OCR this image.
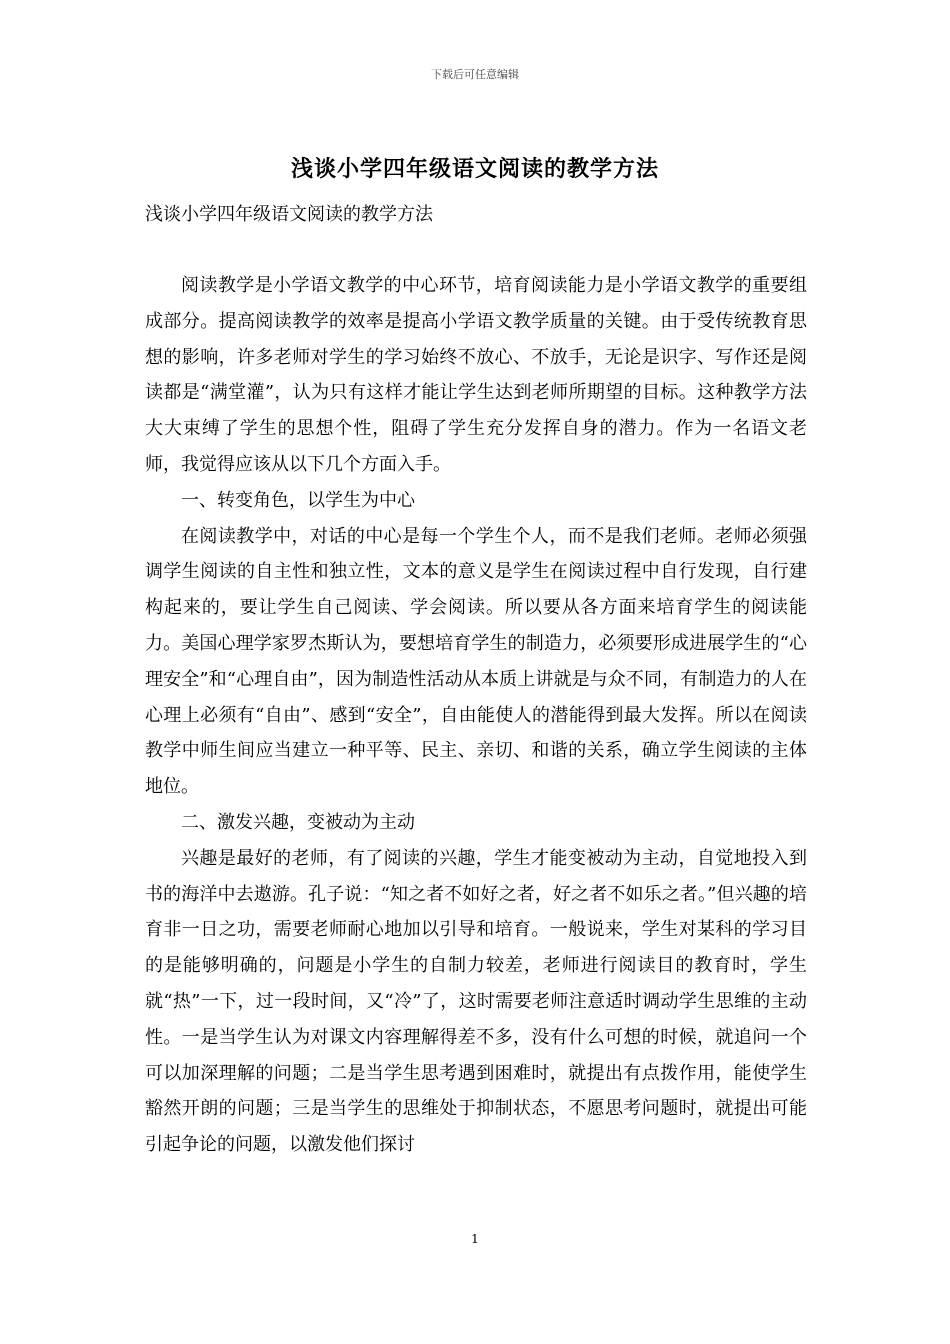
下载后可任意编辑
浅谈小学四年级语文阅读的教学方法
浅谈小学四年级语文阅读的教学方法

阅读教学是小学语文教学的中心环节，培育阅读能力是小学语文教学的重要组成部分。提高阅读教学的效率是提高小学语文教学质量的关键。由于受传统教育思想的影响，许多老师对学生的学习始终不放心、不放手，无论是识字、写作还是阅读都是“满堂灌”，认为只有这样才能让学生达到老师所期望的目标。这种教学方法大大束缚了学生的思想个性，阻碍了学生充分发挥自身的潜力。作为一名语文老师，我觉得应该从以下几个方面入手。

一、转变角色，以学生为中心

在阅读教学中，对话的中心是每一个学生个人，而不是我们老师。老师必须强调学生阅读的自主性和独立性，文本的意义是学生在阅读过程中自行发现，自行建构起来的，要让学生自己阅读、学会阅读。所以要从各方面来培育学生的阅读能力。美国心理学家罗杰斯认为，要想培育学生的制造力，必须要形成进展学生的“心理安全”和“心理自由”，因为制造性活动从本质上讲就是与众不同，有制造力的人在心理上必须有“自由”、感到“安全”，自由能使人的潜能得到最大发挥。所以在阅读教学中师生间应当建立一种平等、民主、亲切、和谐的关系，确立学生阅读的主体地位。

二、激发兴趣，变被动为主动

兴趣是最好的老师，有了阅读的兴趣，学生才能变被动为主动，自觉地投入到书的海洋中去遨游。孔子说：“知之者不如好之者，好之者不如乐之者。”但兴趣的培育非一日之功，需要老师耐心地加以引导和培育。一般说来，学生对某科的学习目的是能够明确的，问题是小学生的自制力较差，老师进行阅读目的教育时，学生就“热”一下，过一段时间，又“冷”了，这时需要老师注意适时调动学生思维的主动性。一是当学生认为对课文内容理解得差不多，没有什么可想的时候，就追问一个可以加深理解的问题；二是当学生思考遇到困难时，就提出有点拨作用，能使学生豁然开朗的问题；三是当学生的思维处于抑制状态，不愿思考问题时，就提出可能引起争论的问题，以激发他们探讨

1
